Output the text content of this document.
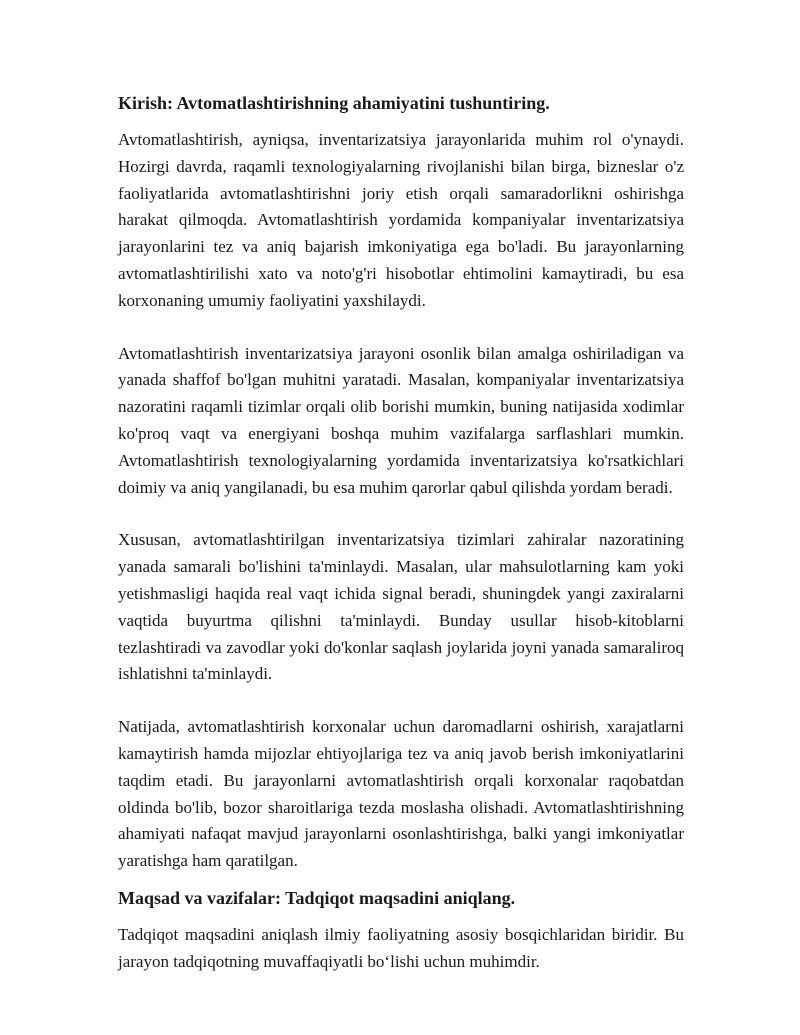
Kirish: Avtomatlashtirishning ahamiyatini tushuntiring.

Avtomatlashtirish, ayniqsa, inventarizatsiya jarayonlarida muhim rol o'ynaydi. Hozirgi davrda, raqamli texnologiyalarning rivojlanishi bilan birga, bizneslar o'z faoliyatlarida avtomatlashtirishni joriy etish orqali samaradorlikni oshirishga harakat qilmoqda. Avtomatlashtirish yordamida kompaniyalar inventarizatsiya jarayonlarini tez va aniq bajarish imkoniyatiga ega bo'ladi. Bu jarayonlarning avtomatlashtirilishi xato va noto'g'ri hisobotlar ehtimolini kamaytiradi, bu esa korxonaning umumiy faoliyatini yaxshilaydi.

Avtomatlashtirish inventarizatsiya jarayoni osonlik bilan amalga oshiriladigan va yanada shaffof bo'lgan muhitni yaratadi. Masalan, kompaniyalar inventarizatsiya nazoratini raqamli tizimlar orqali olib borishi mumkin, buning natijasida xodimlar ko'proq vaqt va energiyani boshqa muhim vazifalarga sarflashlari mumkin. Avtomatlashtirish texnologiyalarning yordamida inventarizatsiya ko'rsatkichlari doimiy va aniq yangilanadi, bu esa muhim qarorlar qabul qilishda yordam beradi.

Xususan, avtomatlashtirilgan inventarizatsiya tizimlari zahiralar nazoratining yanada samarali bo'lishini ta'minlaydi. Masalan, ular mahsulotlarning kam yoki yetishmasligi haqida real vaqt ichida signal beradi, shuningdek yangi zaxiralarni vaqtida buyurtma qilishni ta'minlaydi. Bunday usullar hisob-kitoblarni tezlashtiradi va zavodlar yoki do'konlar saqlash joylarida joyni yanada samaraliroq ishlatishni ta'minlaydi.

Natijada, avtomatlashtirish korxonalar uchun daromadlarni oshirish, xarajatlarni kamaytirish hamda mijozlar ehtiyojlariga tez va aniq javob berish imkoniyatlarini taqdim etadi. Bu jarayonlarni avtomatlashtirish orqali korxonalar raqobatdan oldinda bo'lib, bozor sharoitlariga tezda moslasha olishadi. Avtomatlashtirishning ahamiyati nafaqat mavjud jarayonlarni osonlashtirishga, balki yangi imkoniyatlar yaratishga ham qaratilgan.

Maqsad va vazifalar: Tadqiqot maqsadini aniqlang.

Tadqiqot maqsadini aniqlash ilmiy faoliyatning asosiy bosqichlaridan biridir. Bu jarayon tadqiqotning muvaffaqiyatli bo‘lishi uchun muhimdir.
